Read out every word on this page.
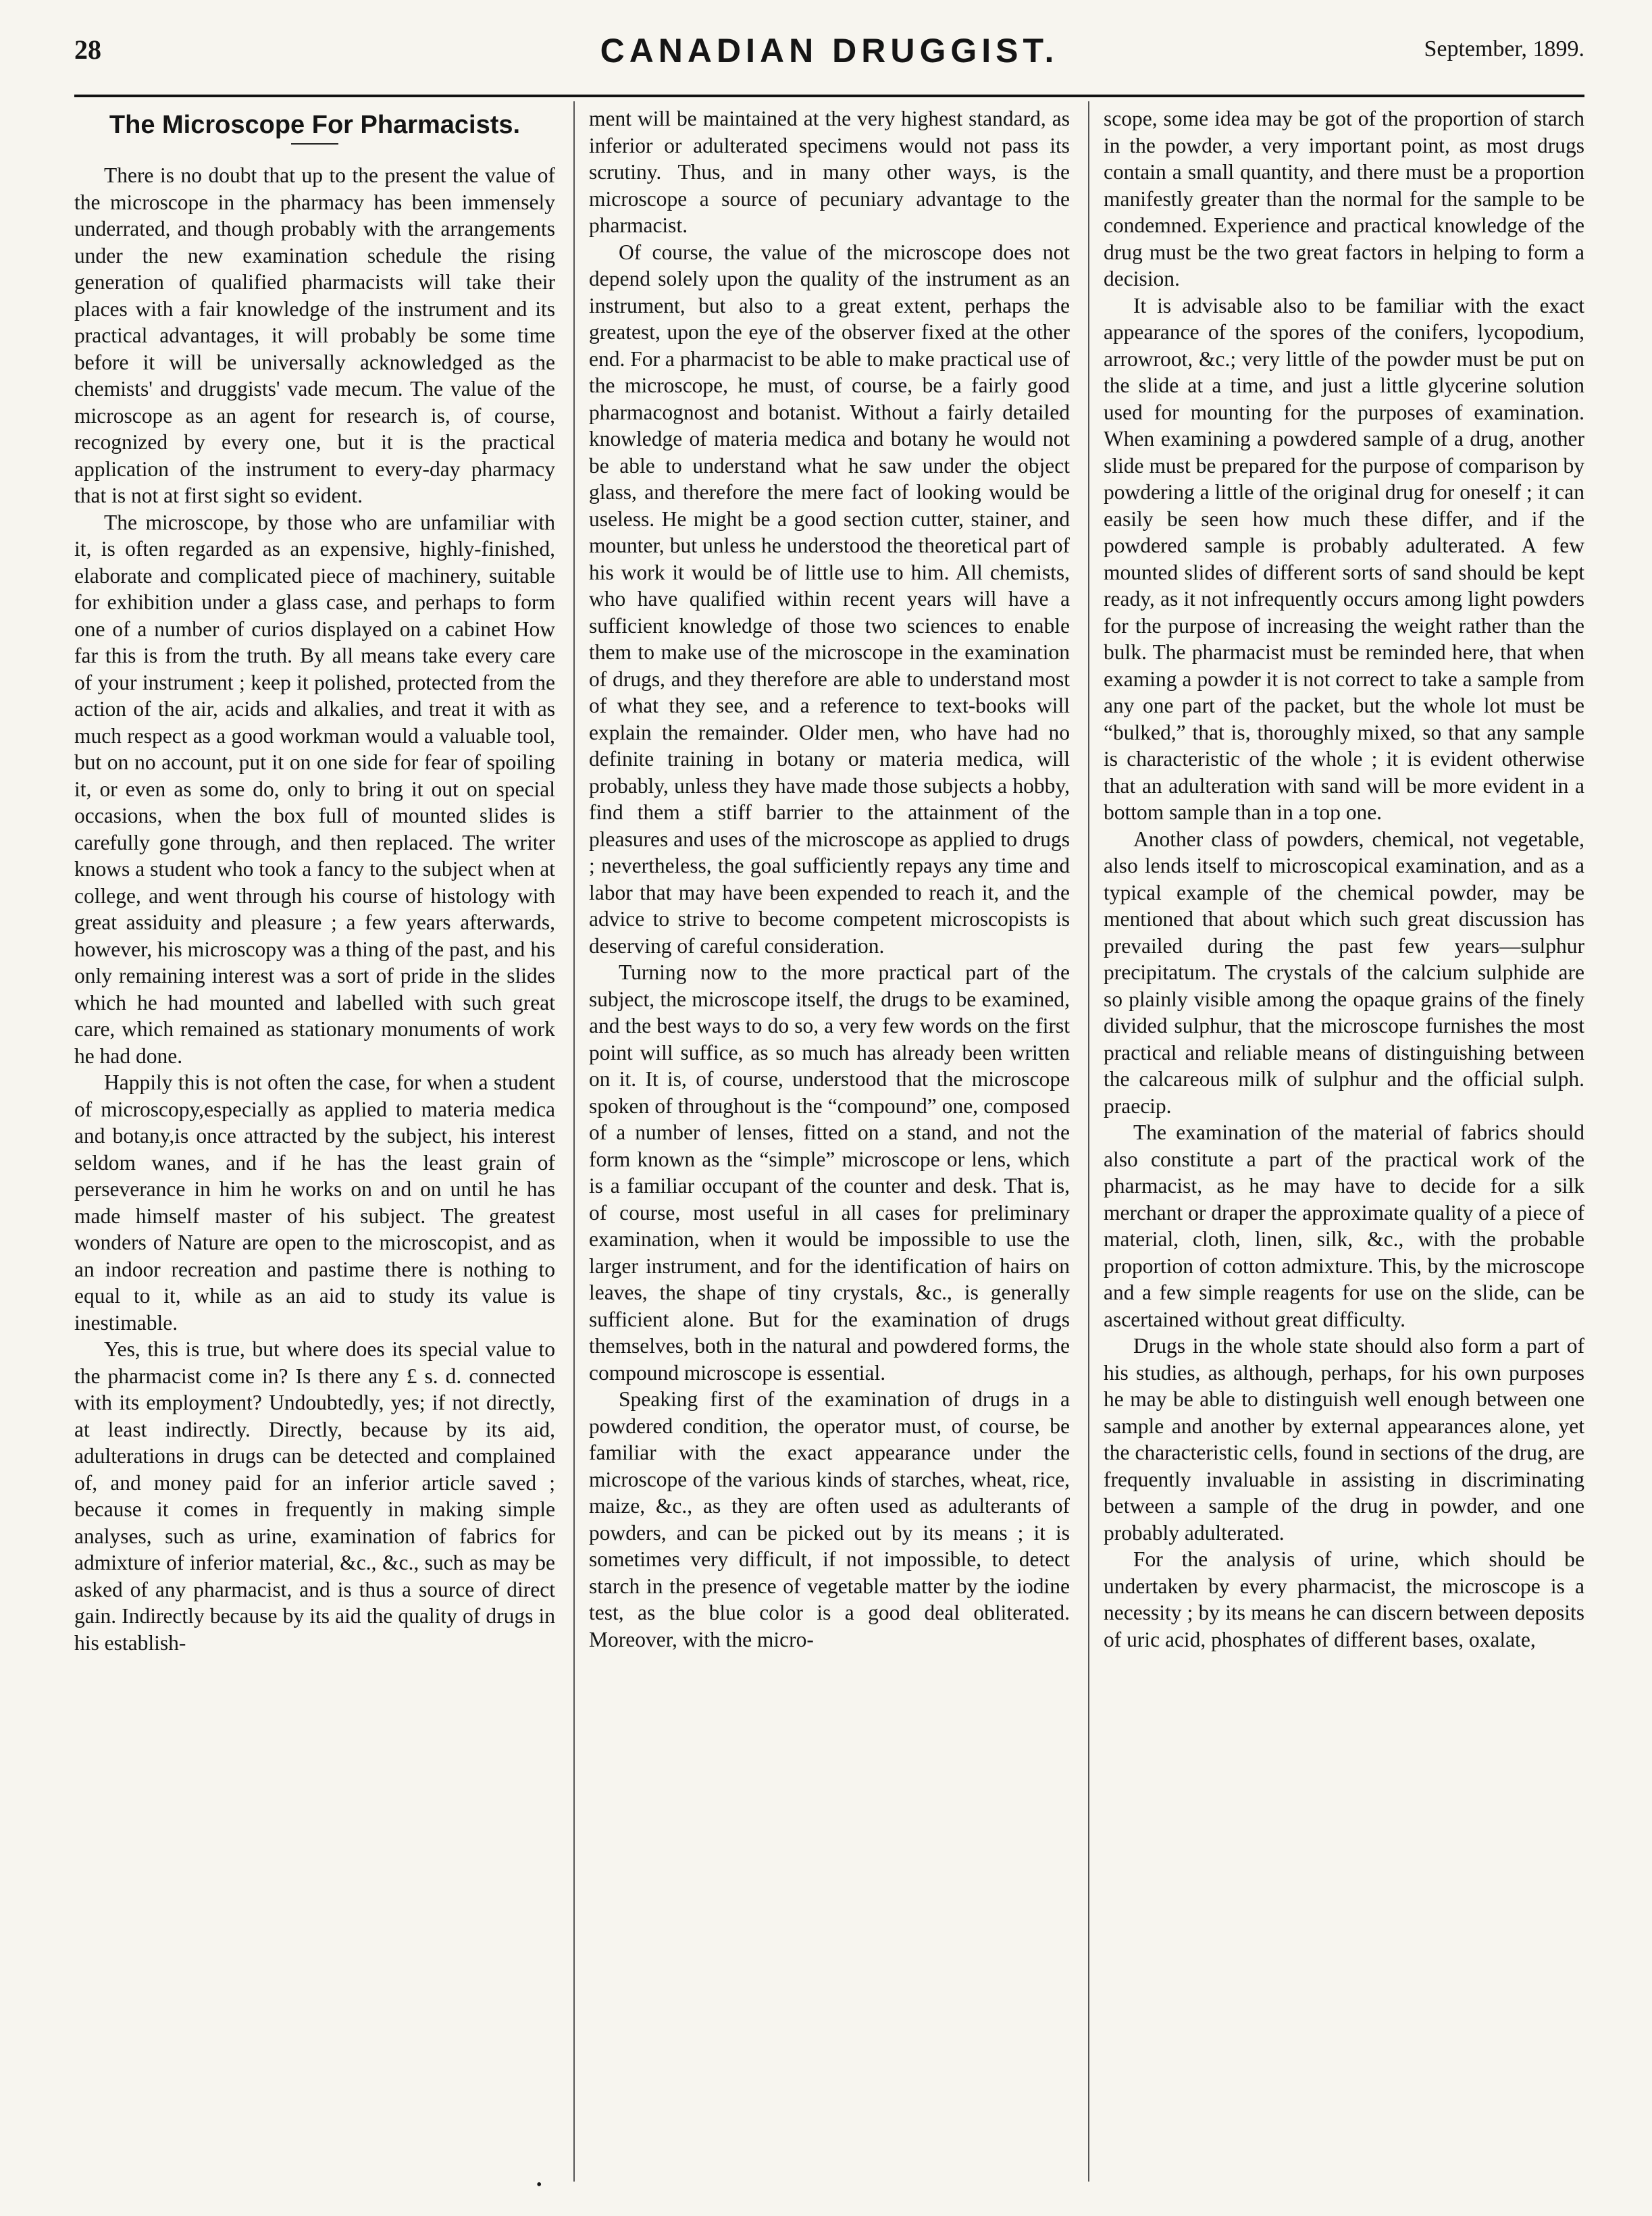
28	CANADIAN DRUGGIST.	September, 1899.
The Microscope For Pharmacists.

There is no doubt that up to the present the value of the microscope in the pharmacy has been immensely underrated, and though probably with the arrangements under the new examination schedule the rising generation of qualified pharmacists will take their places with a fair knowledge of the instrument and its practical advantages, it will probably be some time before it will be universally acknowledged as the chemists' and druggists' vade mecum. The value of the microscope as an agent for research is, of course, recognized by every one, but it is the practical application of the instrument to every-day pharmacy that is not at first sight so evident.

The microscope, by those who are unfamiliar with it, is often regarded as an expensive, highly-finished, elaborate and complicated piece of machinery, suitable for exhibition under a glass case, and perhaps to form one of a number of curios displayed on a cabinet How far this is from the truth. By all means take every care of your instrument ; keep it polished, protected from the action of the air, acids and alkalies, and treat it with as much respect as a good workman would a valuable tool, but on no account, put it on one side for fear of spoiling it, or even as some do, only to bring it out on special occasions, when the box full of mounted slides is carefully gone through, and then replaced. The writer knows a student who took a fancy to the subject when at college, and went through his course of histology with great assiduity and pleasure ; a few years afterwards, however, his microscopy was a thing of the past, and his only remaining interest was a sort of pride in the slides which he had mounted and labelled with such great care, which remained as stationary monuments of work he had done.

Happily this is not often the case, for when a student of microscopy,especially as applied to materia medica and botany,is once attracted by the subject, his interest seldom wanes, and if he has the least grain of perseverance in him he works on and on until he has made himself master of his subject. The greatest wonders of Nature are open to the microscopist, and as an indoor recreation and pastime there is nothing to equal to it, while as an aid to study its value is inestimable.

Yes, this is true, but where does its special value to the pharmacist come in? Is there any £ s. d. connected with its employment? Undoubtedly, yes; if not directly, at least indirectly. Directly, because by its aid, adulterations in drugs can be detected and complained of, and money paid for an inferior article saved ; because it comes in frequently in making simple analyses, such as urine, examination of fabrics for admixture of inferior material, &c., &c., such as may be asked of any pharmacist, and is thus a source of direct gain. Indirectly because by its aid the quality of drugs in his establish-

ment will be maintained at the very highest standard, as inferior or adulterated specimens would not pass its scrutiny. Thus, and in many other ways, is the microscope a source of pecuniary advantage to the pharmacist.

Of course, the value of the microscope does not depend solely upon the quality of the instrument as an instrument, but also to a great extent, perhaps the greatest, upon the eye of the observer fixed at the other end. For a pharmacist to be able to make practical use of the microscope, he must, of course, be a fairly good pharmacognost and botanist. Without a fairly detailed knowledge of materia medica and botany he would not be able to understand what he saw under the object glass, and therefore the mere fact of looking would be useless. He might be a good section cutter, stainer, and mounter, but unless he understood the theoretical part of his work it would be of little use to him. All chemists, who have qualified within recent years will have a sufficient knowledge of those two sciences to enable them to make use of the microscope in the examination of drugs, and they therefore are able to understand most of what they see, and a reference to text-books will explain the remainder. Older men, who have had no definite training in botany or materia medica, will probably, unless they have made those subjects a hobby, find them a stiff barrier to the attainment of the pleasures and uses of the microscope as applied to drugs ; nevertheless, the goal sufficiently repays any time and labor that may have been expended to reach it, and the advice to strive to become competent microscopists is deserving of careful consideration.

Turning now to the more practical part of the subject, the microscope itself, the drugs to be examined, and the best ways to do so, a very few words on the first point will suffice, as so much has already been written on it. It is, of course, understood that the microscope spoken of throughout is the “compound” one, composed of a number of lenses, fitted on a stand, and not the form known as the “simple” microscope or lens, which is a familiar occupant of the counter and desk. That is, of course, most useful in all cases for preliminary examination, when it would be impossible to use the larger instrument, and for the identification of hairs on leaves, the shape of tiny crystals, &c., is generally sufficient alone. But for the examination of drugs themselves, both in the natural and powdered forms, the compound microscope is essential.

Speaking first of the examination of drugs in a powdered condition, the operator must, of course, be familiar with the exact appearance under the microscope of the various kinds of starches, wheat, rice, maize, &c., as they are often used as adulterants of powders, and can be picked out by its means ; it is sometimes very difficult, if not impossible, to detect starch in the presence of vegetable matter by the iodine test, as the blue color is a good deal obliterated. Moreover, with the micro-

scope, some idea may be got of the proportion of starch in the powder, a very important point, as most drugs contain a small quantity, and there must be a proportion manifestly greater than the normal for the sample to be condemned. Experience and practical knowledge of the drug must be the two great factors in helping to form a decision.

It is advisable also to be familiar with the exact appearance of the spores of the conifers, lycopodium, arrowroot, &c.; very little of the powder must be put on the slide at a time, and just a little glycerine solution used for mounting for the purposes of examination. When examining a powdered sample of a drug, another slide must be prepared for the purpose of comparison by powdering a little of the original drug for oneself ; it can easily be seen how much these differ, and if the powdered sample is probably adulterated. A few mounted slides of different sorts of sand should be kept ready, as it not infrequently occurs among light powders for the purpose of increasing the weight rather than the bulk. The pharmacist must be reminded here, that when examing a powder it is not correct to take a sample from any one part of the packet, but the whole lot must be “bulked,” that is, thoroughly mixed, so that any sample is characteristic of the whole ; it is evident otherwise that an adulteration with sand will be more evident in a bottom sample than in a top one.

Another class of powders, chemical, not vegetable, also lends itself to microscopical examination, and as a typical example of the chemical powder, may be mentioned that about which such great discussion has prevailed during the past few years—sulphur precipitatum. The crystals of the calcium sulphide are so plainly visible among the opaque grains of the finely divided sulphur, that the microscope furnishes the most practical and reliable means of distinguishing between the calcareous milk of sulphur and the official sulph. praecip.

The examination of the material of fabrics should also constitute a part of the practical work of the pharmacist, as he may have to decide for a silk merchant or draper the approximate quality of a piece of material, cloth, linen, silk, &c., with the probable proportion of cotton admixture. This, by the microscope and a few simple reagents for use on the slide, can be ascertained without great difficulty.

Drugs in the whole state should also form a part of his studies, as although, perhaps, for his own purposes he may be able to distinguish well enough between one sample and another by external appearances alone, yet the characteristic cells, found in sections of the drug, are frequently invaluable in assisting in discriminating between a sample of the drug in powder, and one probably adulterated.

For the analysis of urine, which should be undertaken by every pharmacist, the microscope is a necessity ; by its means he can discern between deposits of uric acid, phosphates of different bases, oxalate,

•
